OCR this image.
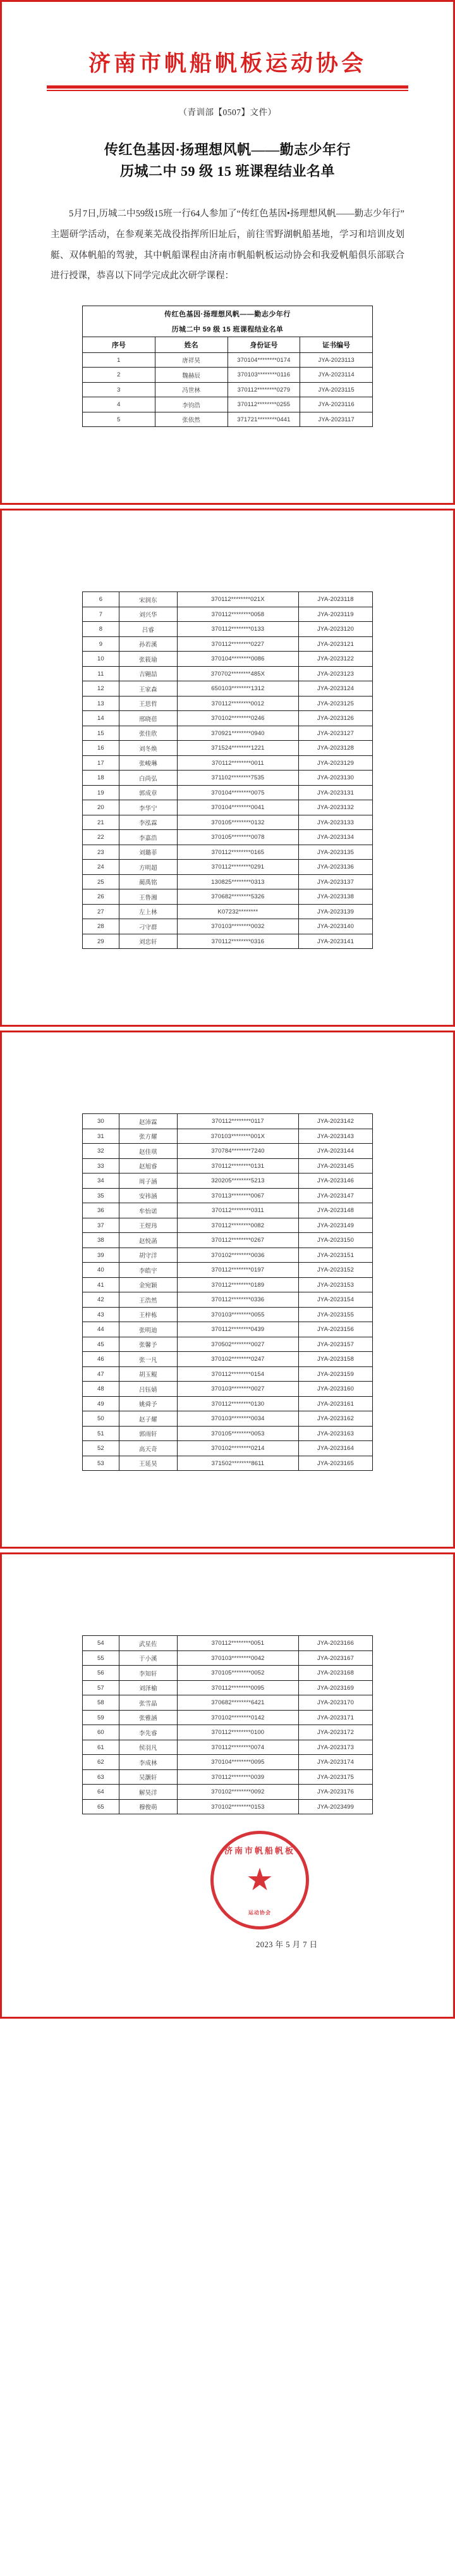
济南市帆船帆板运动协会
（青训部【0507】文件）
传红色基因·扬理想风帆——勤志少年行
历城二中 59 级 15 班课程结业名单
5月7日,历城二中59级15班一行64人参加了“传红色基因•扬理想风帆——勤志少年行”主题研学活动，在参观莱芜战役指挥所旧址后，前往雪野湖帆船基地，学习和培训皮划艇、双体帆船的驾驶，其中帆船课程由济南市帆船帆板运动协会和我爱帆船俱乐部联合进行授课，恭喜以下同学完成此次研学课程：
传红色基因·扬理想风帆——勤志少年行			
历城二中 59 级 15 班课程结业名单			
序号	姓名	身份证号	证书编号
1	唐祥昊	370104********0174	JYA-2023113
2	魏赫辰	370103********0116	JYA-2023114
3	冯世林	370112********0279	JYA-2023115
4	李钧浩	370112********0255	JYA-2023116
5	张依然	371721********0441	JYA-2023117
6	宋润东	370112********021X	JYA-2023118
7	刘兴华	370112********0058	JYA-2023119
8	吕睿	370112********0133	JYA-2023120
9	孙若溪	370112********0227	JYA-2023121
10	张筱瑜	370104********0086	JYA-2023122
11	吉翱喆	370702********485X	JYA-2023123
12	王家森	650103********1312	JYA-2023124
13	王思哲	370112********0012	JYA-2023125
14	邢晓蓓	370102********0246	JYA-2023126
15	张佳欣	370921********0940	JYA-2023127
16	刘冬焕	371524********1221	JYA-2023128
17	张峻琳	370112********0011	JYA-2023129
18	白尚弘	371102********7535	JYA-2023130
19	郭成章	370104********0075	JYA-2023131
20	李华宁	370104********0041	JYA-2023132
21	李泓霖	370105********0132	JYA-2023133
22	李嘉浩	370105********0078	JYA-2023134
23	刘璐菲	370112********0165	JYA-2023135
24	方明超	370112********0291	JYA-2023136
25	蔺禹铭	130825********0313	JYA-2023137
26	王鲁湘	370682********5326	JYA-2023138
27	左上林	K07232********	JYA-2023139
28	刁守群	370103********0032	JYA-2023140
29	刘忠轩	370112********0316	JYA-2023141
30	赵沛霖	370112********0117	JYA-2023142
31	张方耀	370103********001X	JYA-2023143
32	赵佳琪	370784********7240	JYA-2023144
33	赵旭睿	370112********0131	JYA-2023145
34	周子涵	320205********5213	JYA-2023146
35	安祎涵	370113********0067	JYA-2023147
36	牟怡诺	370112********0311	JYA-2023148
37	王煜玮	370112********0082	JYA-2023149
38	赵悦菡	370112********0267	JYA-2023150
39	胡守洋	370102********0036	JYA-2023151
40	李皓宇	370112********0197	JYA-2023152
41	金宛颖	370112********0189	JYA-2023153
42	王浩然	370112********0336	JYA-2023154
43	王梓栋	370103********0055	JYA-2023155
44	张明迪	370112********0439	JYA-2023156
45	张馨予	370502********0027	JYA-2023157
46	张一凡	370102********0247	JYA-2023158
47	胡玉鲲	370112********0154	JYA-2023159
48	吕钰婧	370103********0027	JYA-2023160
49	姚舜予	370112********0130	JYA-2023161
50	赵子耀	370103********0034	JYA-2023162
51	郭雨轩	370105********0053	JYA-2023163
52	高天奇	370102********0214	JYA-2023164
53	王延昊	371502********8611	JYA-2023165
54	武星佐	370112********0051	JYA-2023166
55	于小溪	370103********0042	JYA-2023167
56	李知轩	370105********0052	JYA-2023168
57	刘泽榆	370112********0095	JYA-2023169
58	张雪晶	370682********6421	JYA-2023170
59	张雅涵	370102********0142	JYA-2023171
60	李先睿	370112********0100	JYA-2023172
61	侯羽凡	370112********0074	JYA-2023173
62	李成林	370104********0095	JYA-2023174
63	吴灏轩	370112********0039	JYA-2023175
64	解昊洋	370102********0092	JYA-2023176
65	穆俊萌	370102********0153	JYA-2023499
济南市帆船帆板
★
运动协会
2023 年 5 月 7 日
